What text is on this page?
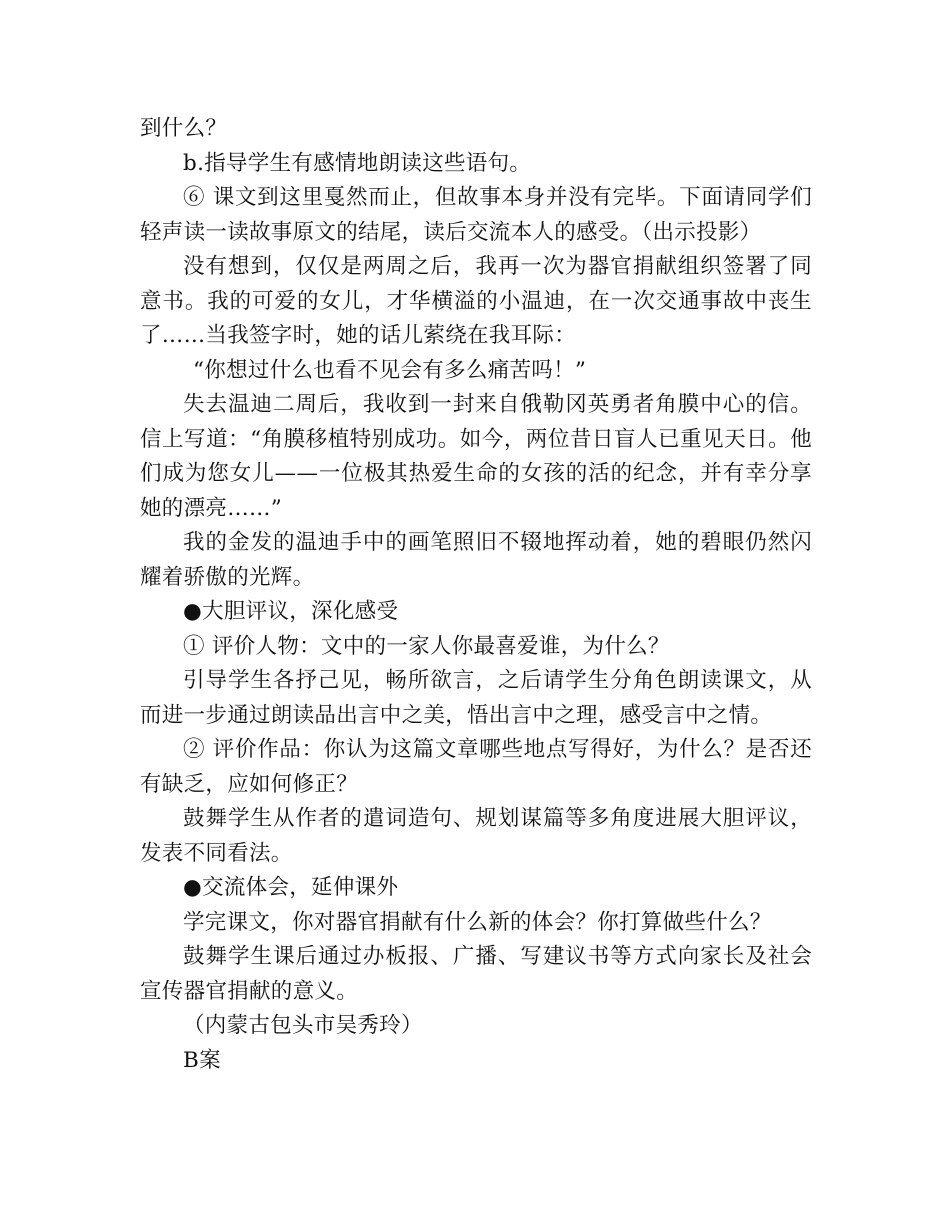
到什么？

b.指导学生有感情地朗读这些语句。

⑥ 课文到这里戛然而止，但故事本身并没有完毕。下面请同学们轻声读一读故事原文的结尾，读后交流本人的感受。（出示投影）

没有想到，仅仅是两周之后，我再一次为器官捐献组织签署了同意书。我的可爱的女儿，才华横溢的小温迪，在一次交通事故中丧生了……当我签字时，她的话儿萦绕在我耳际：

“你想过什么也看不见会有多么痛苦吗！”

失去温迪二周后，我收到一封来自俄勒冈英勇者角膜中心的信。信上写道：“角膜移植特别成功。如今，两位昔日盲人已重见天日。他们成为您女儿——一位极其热爱生命的女孩的活的纪念，并有幸分享她的漂亮……”

我的金发的温迪手中的画笔照旧不辍地挥动着，她的碧眼仍然闪耀着骄傲的光辉。

●大胆评议，深化感受

① 评价人物：文中的一家人你最喜爱谁，为什么？

引导学生各抒己见，畅所欲言，之后请学生分角色朗读课文，从而进一步通过朗读品出言中之美，悟出言中之理，感受言中之情。

② 评价作品：你认为这篇文章哪些地点写得好，为什么？是否还有缺乏，应如何修正？

鼓舞学生从作者的遣词造句、规划谋篇等多角度进展大胆评议，发表不同看法。

●交流体会，延伸课外

学完课文，你对器官捐献有什么新的体会？你打算做些什么？

鼓舞学生课后通过办板报、广播、写建议书等方式向家长及社会宣传器官捐献的意义。

（内蒙古包头市吴秀玲）

B案
